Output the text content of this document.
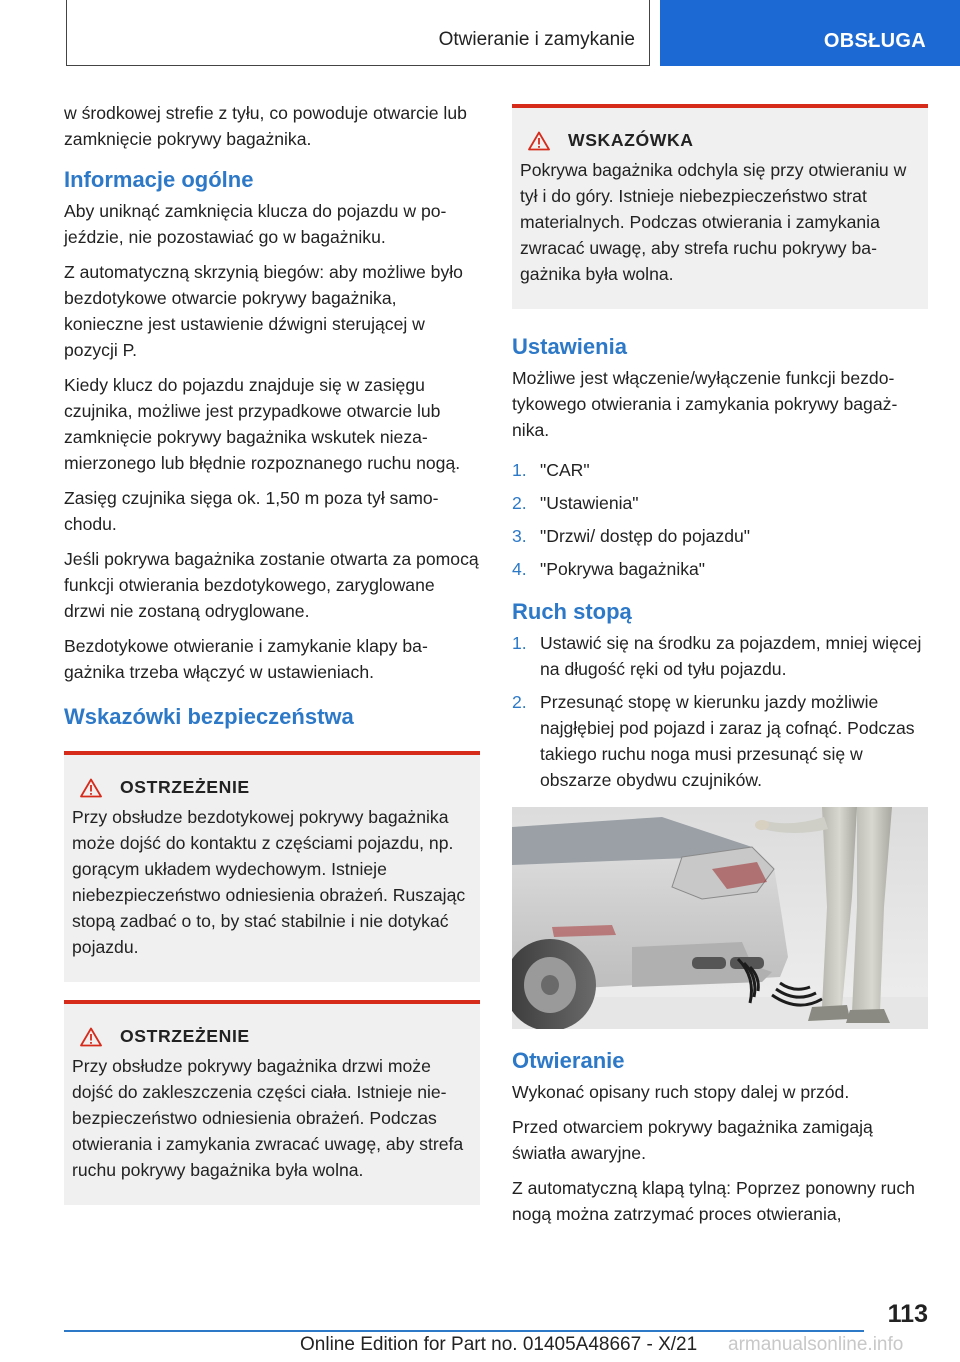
Otwieranie i zamykanie	OBSŁUGA

w środkowej strefie z tyłu, co powoduje otwarcie lub zamknięcie pokrywy bagażnika.

Informacje ogólne

Aby uniknąć zamknięcia klucza do pojazdu w pojeździe, nie pozostawiać go w bagażniku.

Z automatyczną skrzynią biegów: aby możliwe było bezdotykowe otwarcie pokrywy bagażnika, konieczne jest ustawienie dźwigni sterującej w pozycji P.

Kiedy klucz do pojazdu znajduje się w zasięgu czujnika, możliwe jest przypadkowe otwarcie lub zamknięcie pokrywy bagażnika wskutek niezamierzonego lub błędnie rozpoznanego ruchu nogą.

Zasięg czujnika sięga ok. 1,50 m poza tył samochodu.

Jeśli pokrywa bagażnika zostanie otwarta za pomocą funkcji otwierania bezdotykowego, zaryglowane drzwi nie zostaną odryglowane.

Bezdotykowe otwieranie i zamykanie klapy bagażnika trzeba włączyć w ustawieniach.

Wskazówki bezpieczeństwa
OSTRZEŻENIE

Przy obsłudze bezdotykowej pokrywy bagażnika może dojść do kontaktu z częściami pojazdu, np. gorącym układem wydechowym. Istnieje niebezpieczeństwo odniesienia obrażeń. Ruszając stopą zadbać o to, by stać stabilnie i nie dotykać pojazdu.

OSTRZEŻENIE

Przy obsłudze pokrywy bagażnika drzwi może dojść do zakleszczenia części ciała. Istnieje niebezpieczeństwo odniesienia obrażeń. Podczas otwierania i zamykania zwracać uwagę, aby strefa ruchu pokrywy bagażnika była wolna.

WSKAZÓWKA

Pokrywa bagażnika odchyla się przy otwieraniu w tył i do góry. Istnieje niebezpieczeństwo strat materialnych. Podczas otwierania i zamykania zwracać uwagę, aby strefa ruchu pokrywy bagażnika była wolna.

Ustawienia

Możliwe jest włączenie/wyłączenie funkcji bezdotykowego otwierania i zamykania pokrywy bagażnika.

1. "CAR"
2. "Ustawienia"
3. "Drzwi/ dostęp do pojazdu"
4. "Pokrywa bagażnika"
Ruch stopą
1. Ustawić się na środku za pojazdem, mniej więcej na długość ręki od tyłu pojazdu.
2. Przesunąć stopę w kierunku jazdy możliwie najgłębiej pod pojazd i zaraz ją cofnąć. Podczas takiego ruchu noga musi przesunąć się w obszarze obydwu czujników.
Otwieranie

Wykonać opisany ruch stopy dalej w przód.

Przed otwarciem pokrywy bagażnika zamigają światła awaryjne.

Z automatyczną klapą tylną: Poprzez ponowny ruch nogą można zatrzymać proces otwierania,

113
Online Edition for Part no. 01405A48667 - X/21 armanualsonline.info
